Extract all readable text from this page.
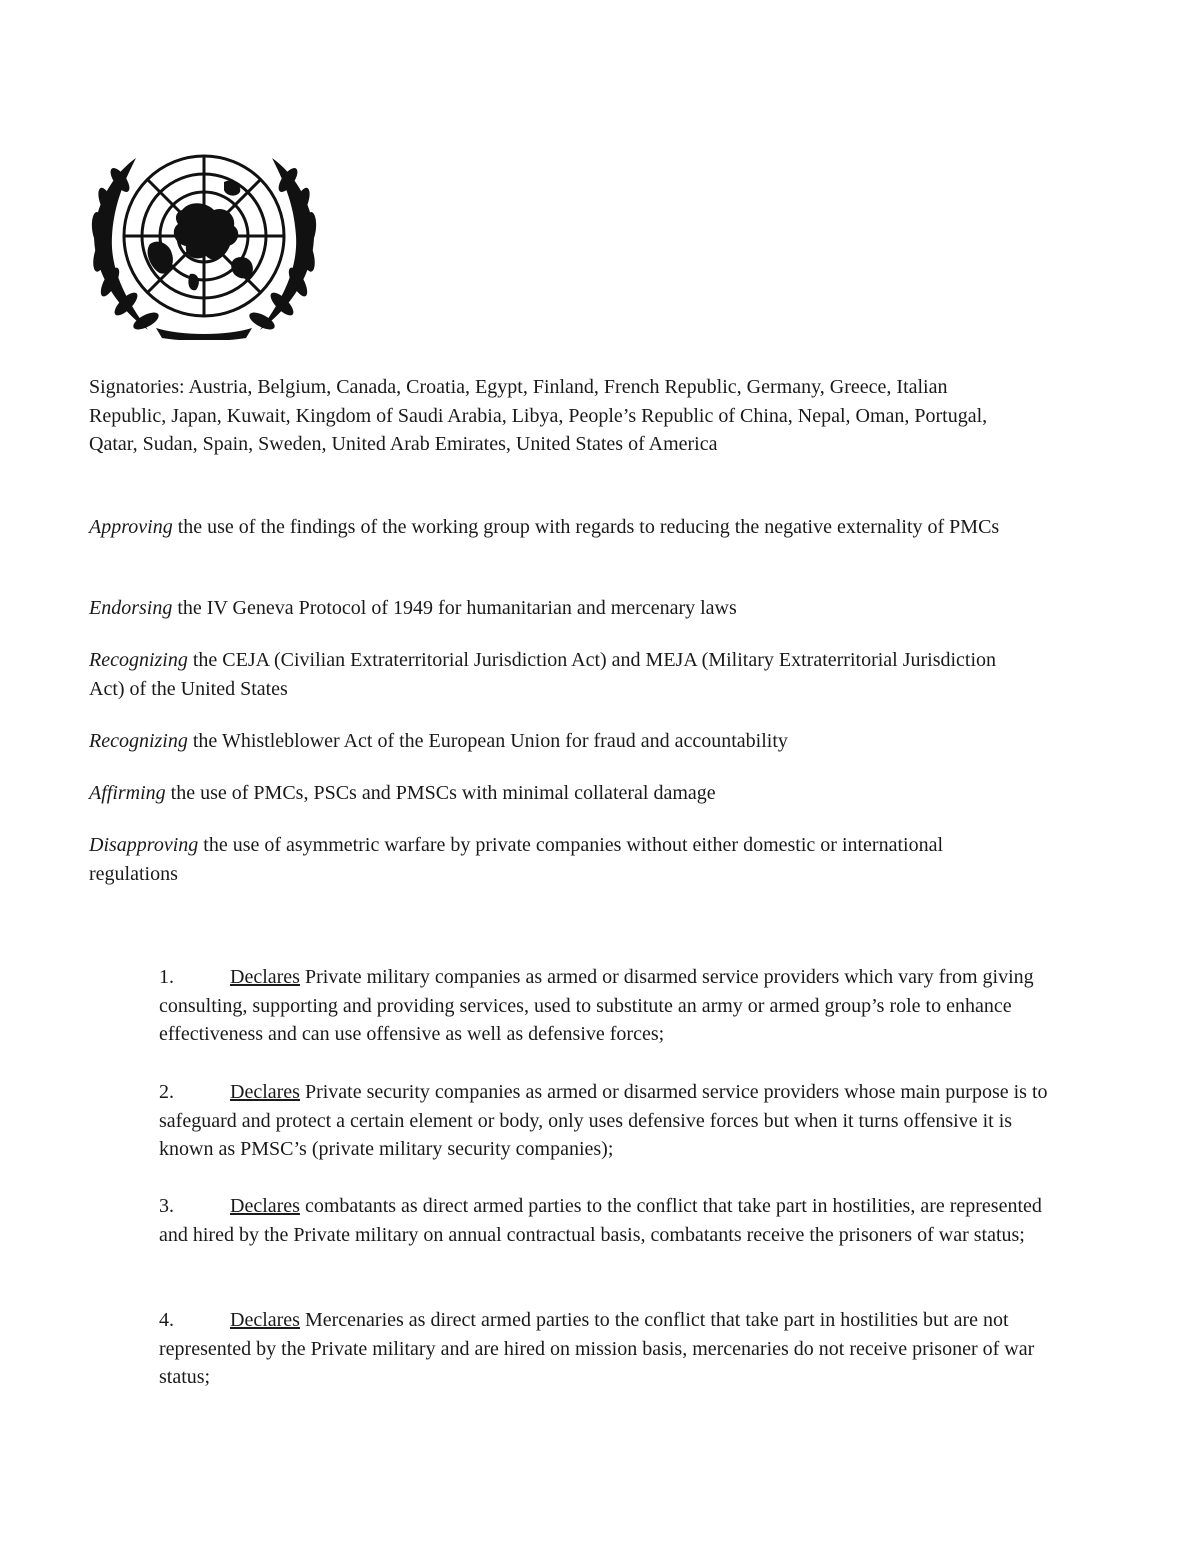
Signatories: Austria, Belgium, Canada, Croatia, Egypt, Finland, French Republic, Germany, Greece, Italian Republic, Japan, Kuwait, Kingdom of Saudi Arabia, Libya, People’s Republic of China, Nepal, Oman, Portugal, Qatar, Sudan, Spain, Sweden, United Arab Emirates, United States of America

Approving the use of the findings of the working group with regards to reducing the negative externality of PMCs

Endorsing the IV Geneva Protocol of 1949 for humanitarian and mercenary laws

Recognizing the CEJA (Civilian Extraterritorial Jurisdiction Act) and MEJA (Military Extraterritorial Jurisdiction Act) of the United States

Recognizing the Whistleblower Act of the European Union for fraud and accountability

Affirming the use of PMCs, PSCs and PMSCs with minimal collateral damage

Disapproving the use of asymmetric warfare by private companies without either domestic or international regulations

1.	Declares Private military companies as armed or disarmed service providers which vary from giving consulting, supporting and providing services, used to substitute an army or armed group’s role to enhance effectiveness and can use offensive as well as defensive forces;

2.	Declares Private security companies as armed or disarmed service providers whose main purpose is to safeguard and protect a certain element or body, only uses defensive forces but when it turns offensive it is known as PMSC’s (private military security companies);

3.	Declares combatants as direct armed parties to the conflict that take part in hostilities, are represented and hired by the Private military on annual contractual basis, combatants receive the prisoners of war status;

4.	Declares Mercenaries as direct armed parties to the conflict that take part in hostilities but are not represented by the Private military and are hired on mission basis, mercenaries do not receive prisoner of war status;
